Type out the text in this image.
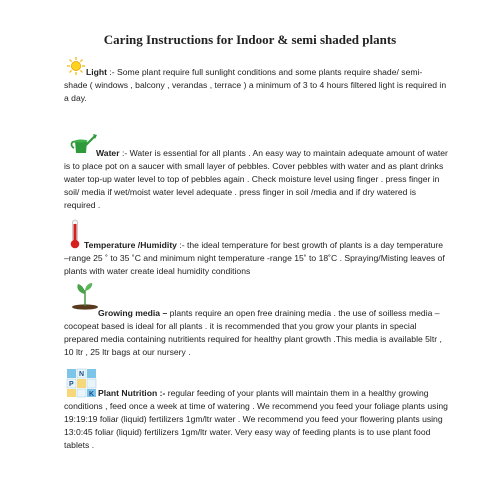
Caring Instructions for Indoor & semi shaded plants

Light :- Some plant require full sunlight conditions and some plants require shade/ semi- shade ( windows , balcony , verandas , terrace ) a minimum of 3 to 4 hours filtered light is required in a day.

Water :- Water is essential for all plants . An easy way to maintain adequate amount of water is to place pot on a saucer with small layer of pebbles. Cover pebbles with water and as plant drinks water top-up water level to top of pebbles again . Check moisture level using finger . press finger in soil/ media if wet/moist water level adequate . press finger in soil /media and if dry watered is required .

Temperature /Humidity :- the ideal temperature for best growth of plants is a day temperature –range 25 ˚ to 35 ˚C and minimum night temperature -range 15˚ to 18˚C . Spraying/Misting leaves of plants with water create ideal humidity conditions

Growing media – plants require an open free draining media . the use of soilless media –cocopeat based is ideal for all plants . it is recommended that you grow your plants in special prepared media containing nutritients required for healthy plant growth .This media is available 5ltr , 10 ltr , 25 ltr bags at our nursery .

N
P
K Plant Nutrition :- regular feeding of your plants will maintain them in a healthy growing conditions , feed once a week at time of watering . We recommend you feed your foliage plants using 19:19:19 foliar (liquid) fertilizers 1gm/ltr water . We recommend you feed your flowering plants using 13:0:45 foliar (liquid) fertilizers 1gm/ltr water. Very easy way of feeding plants is to use plant food tablets .
